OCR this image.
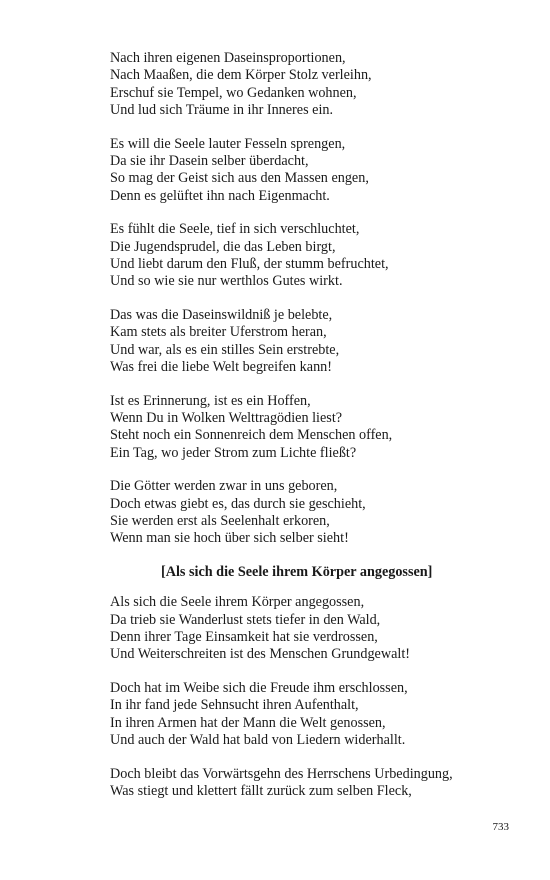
Nach ihren eigenen Daseinsproportionen,
Nach Maaßen, die dem Körper Stolz verleihn,
Erschuf sie Tempel, wo Gedanken wohnen,
Und lud sich Träume in ihr Inneres ein.
Es will die Seele lauter Fesseln sprengen,
Da sie ihr Dasein selber überdacht,
So mag der Geist sich aus den Massen engen,
Denn es gelüftet ihn nach Eigenmacht.
Es fühlt die Seele, tief in sich verschluchtet,
Die Jugendsprudel, die das Leben birgt,
Und liebt darum den Fluß, der stumm befruchtet,
Und so wie sie nur werthlos Gutes wirkt.
Das was die Daseinswildniß je belebte,
Kam stets als breiter Uferstrom heran,
Und war, als es ein stilles Sein erstrebte,
Was frei die liebe Welt begreifen kann!
Ist es Erinnerung, ist es ein Hoffen,
Wenn Du in Wolken Welttragödien liest?
Steht noch ein Sonnenreich dem Menschen offen,
Ein Tag, wo jeder Strom zum Lichte fließt?
Die Götter werden zwar in uns geboren,
Doch etwas giebt es, das durch sie geschieht,
Sie werden erst als Seelenhalt erkoren,
Wenn man sie hoch über sich selber sieht!
[Als sich die Seele ihrem Körper angegossen]
Als sich die Seele ihrem Körper angegossen,
Da trieb sie Wanderlust stets tiefer in den Wald,
Denn ihrer Tage Einsamkeit hat sie verdrossen,
Und Weiterschreiten ist des Menschen Grundgewalt!
Doch hat im Weibe sich die Freude ihm erschlossen,
In ihr fand jede Sehnsucht ihren Aufenthalt,
In ihren Armen hat der Mann die Welt genossen,
Und auch der Wald hat bald von Liedern widerhallt.
Doch bleibt das Vorwärtsgehn des Herrschens Urbedingung,
Was stiegt und klettert fällt zurück zum selben Fleck,
733
